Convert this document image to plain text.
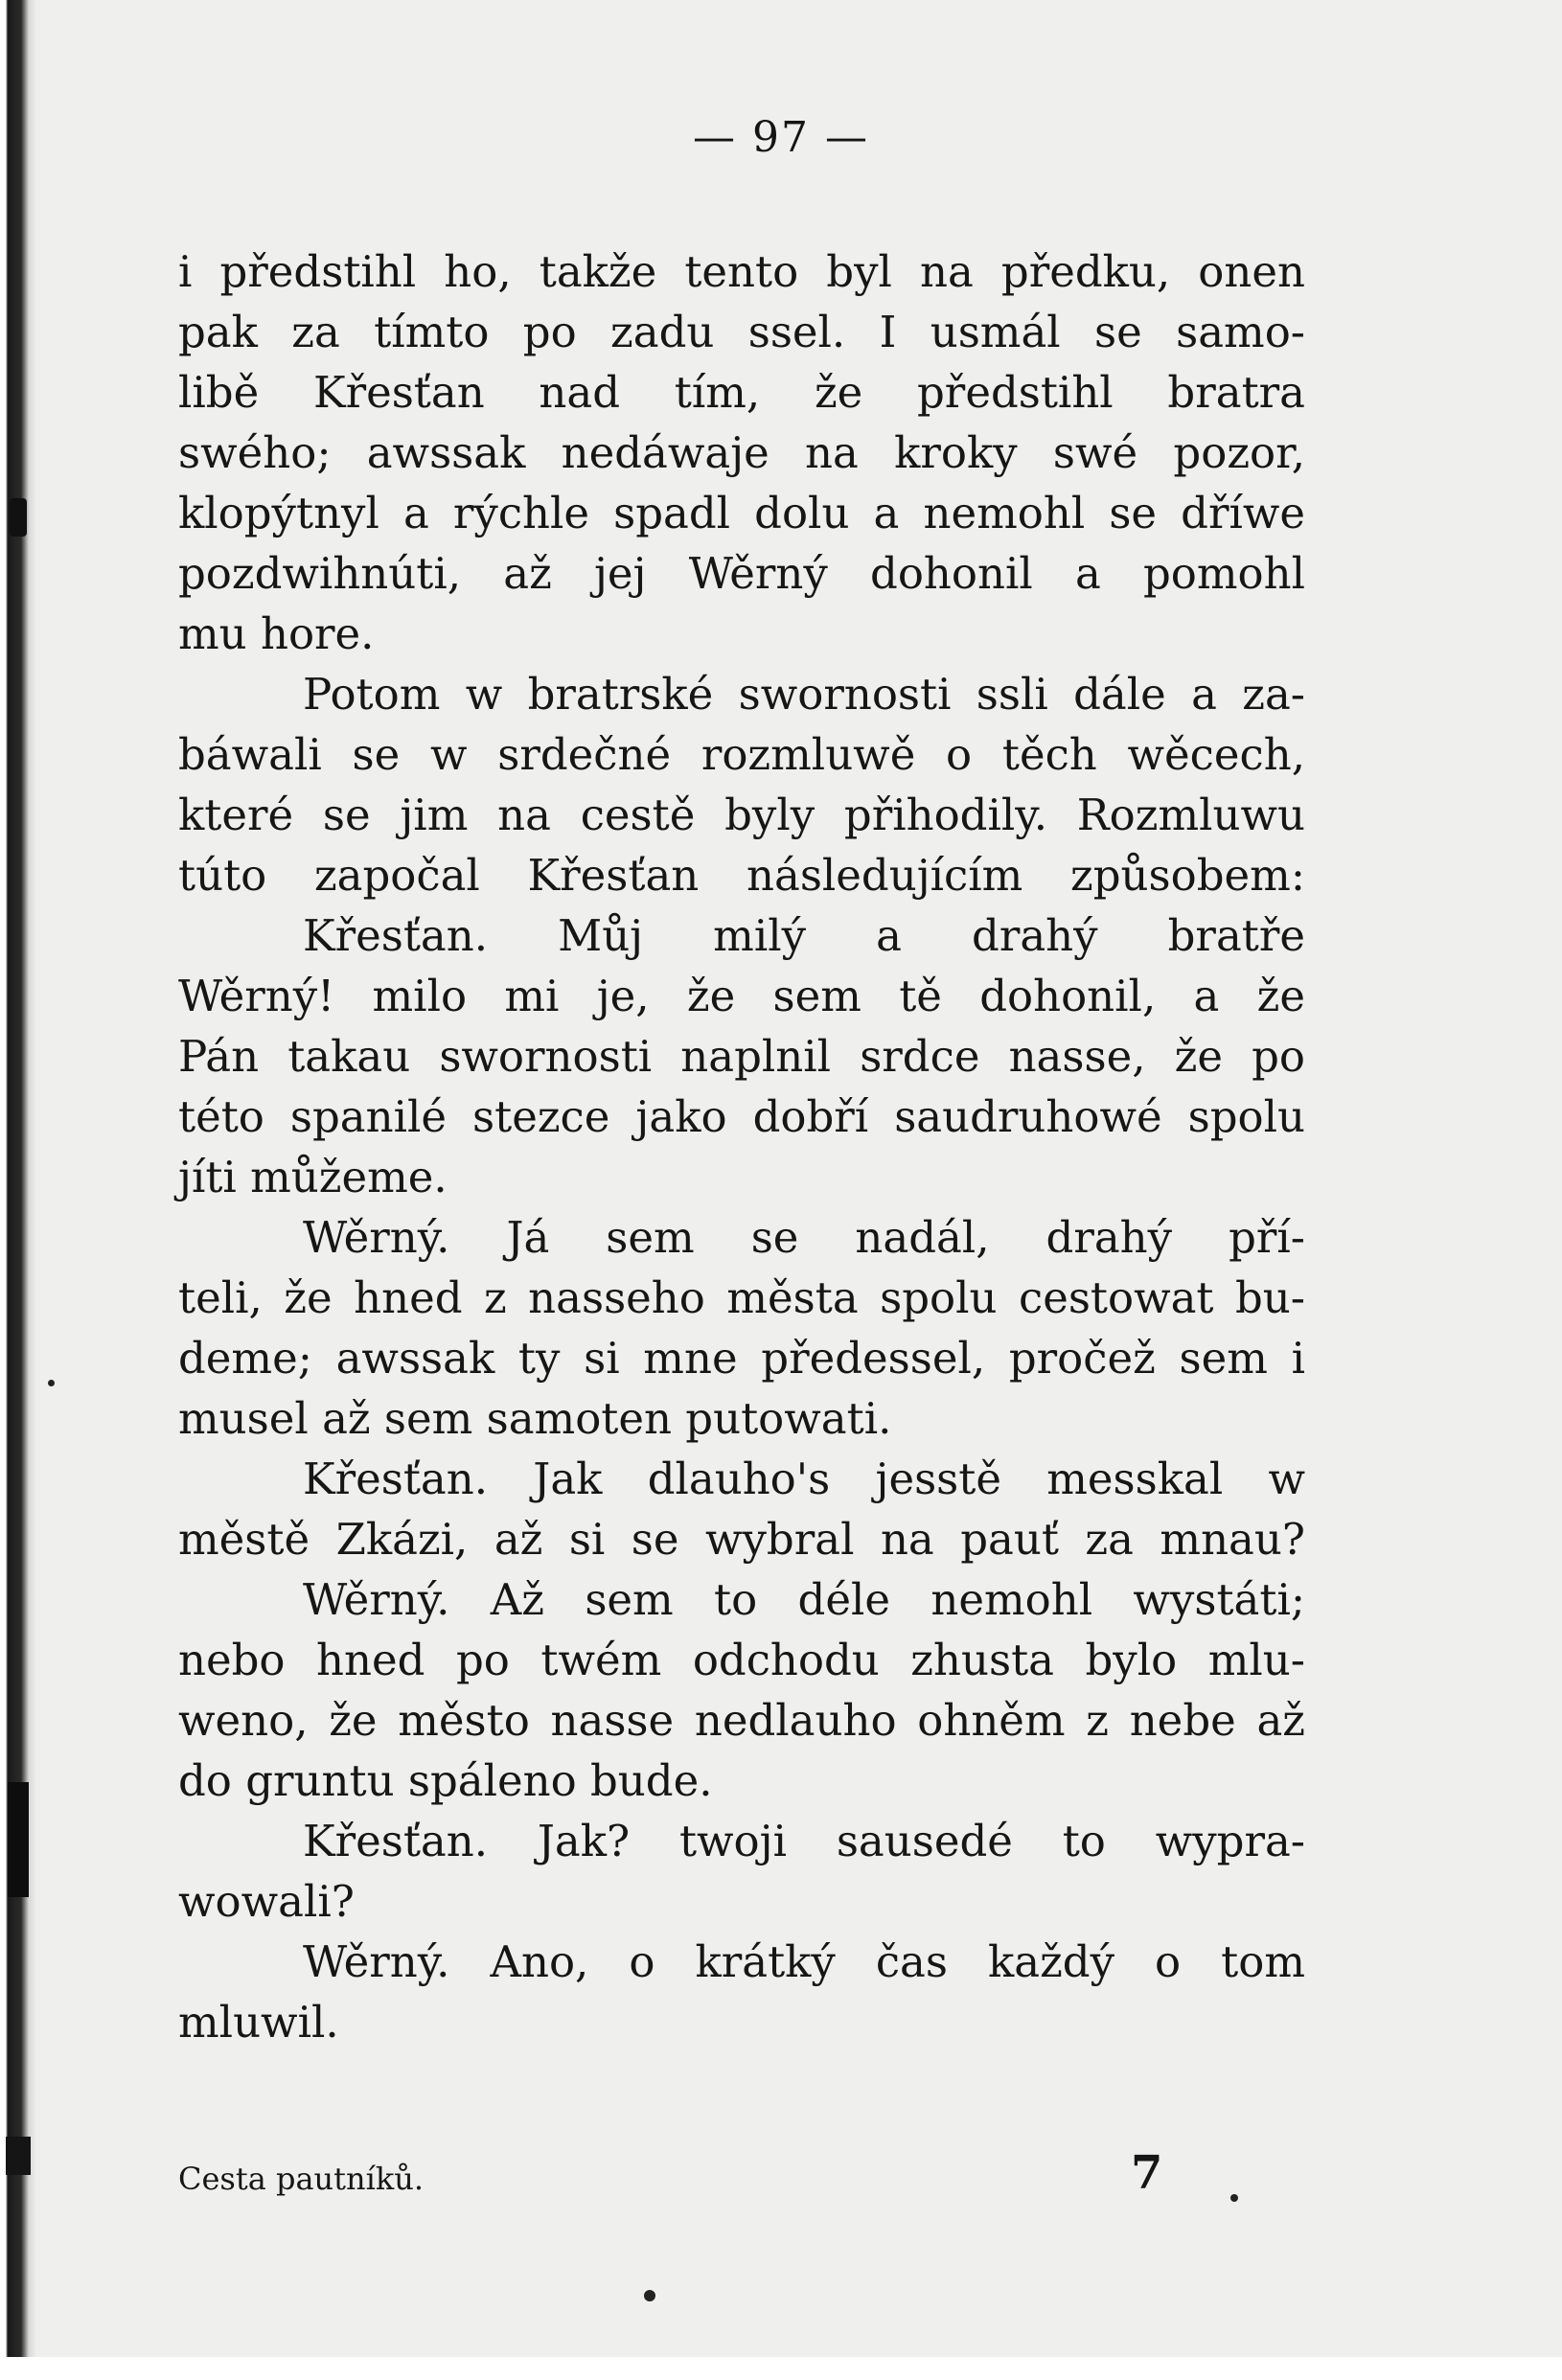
— 97 —
i předstihl ho, takže tento byl na předku, onen
pak za tímto po zadu ssel. I usmál se samo-
libě Křesťan nad tím, že předstihl bratra
swého; awssak nedáwaje na kroky swé pozor,
klopýtnyl a rýchle spadl dolu a nemohl se dříwe
pozdwihnúti, až jej Wěrný dohonil a pomohl
mu hore.
Potom w bratrské swornosti ssli dále a za-
báwali se w srdečné rozmluwě o těch wěcech,
které se jim na cestě byly přihodily. Rozmluwu
túto započal Křesťan následujícím způsobem:
Křesťan. Můj milý a drahý bratře
Wěrný! milo mi je, že sem tě dohonil, a že
Pán takau swornosti naplnil srdce nasse, že po
této spanilé stezce jako dobří saudruhowé spolu
jíti můžeme.
Wěrný. Já sem se nadál, drahý pří-
teli, že hned z nasseho města spolu cestowat bu-
deme; awssak ty si mne předessel, pročež sem i
musel až sem samoten putowati.
Křesťan. Jak dlauho's jesstě messkal w
městě Zkázi, až si se wybral na pauť za mnau?
Wěrný. Až sem to déle nemohl wystáti;
nebo hned po twém odchodu zhusta bylo mlu-
weno, že město nasse nedlauho ohněm z nebe až
do gruntu spáleno bude.
Křesťan. Jak? twoji sausedé to wypra-
wowali?
Wěrný. Ano, o krátký čas každý o tom
mluwil.
Cesta pautníků.	7
